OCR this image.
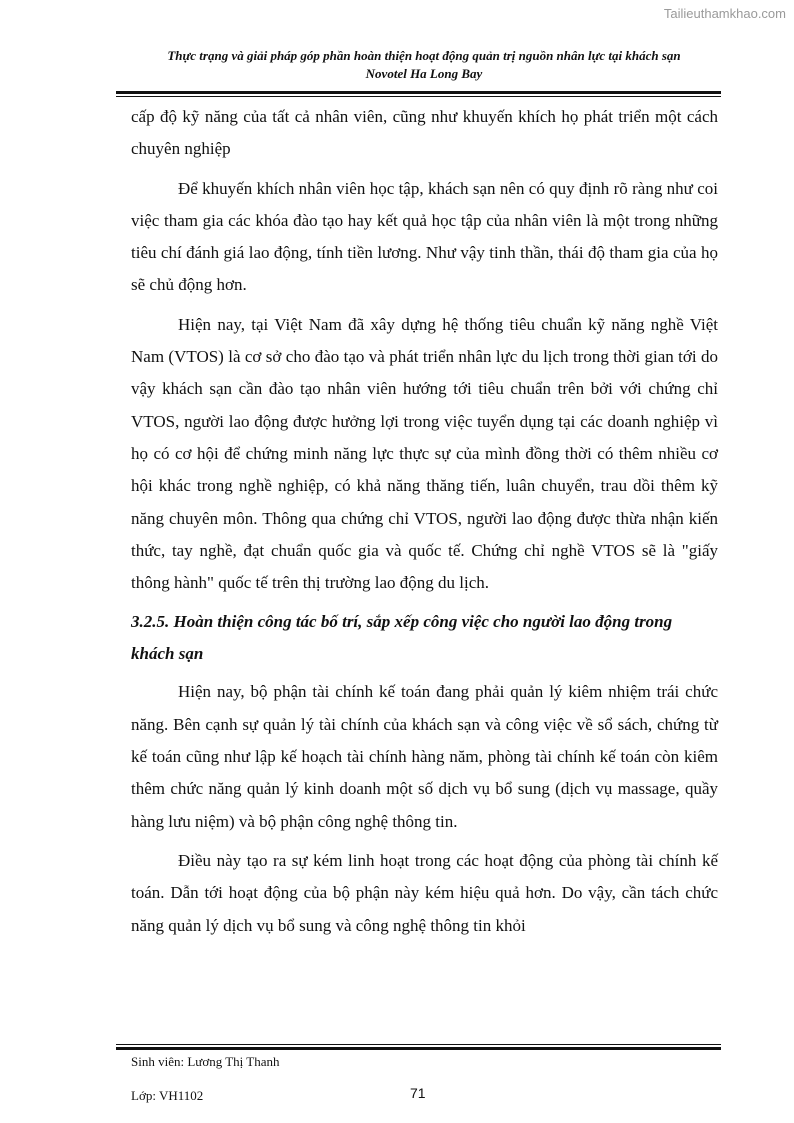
Tailieuthamkhao.com
Thực trạng và giải pháp góp phần hoàn thiện hoạt động quản trị nguồn nhân lực tại khách sạn
Novotel Ha Long Bay

cấp độ kỹ năng của tất cả nhân viên, cũng như khuyến khích họ phát triển một cách chuyên nghiệp

Để khuyến khích nhân viên học tập, khách sạn nên có quy định rõ ràng như coi việc tham gia các khóa đào tạo hay kết quả học tập của nhân viên là một trong những tiêu chí đánh giá lao động, tính tiền lương. Như vậy tinh thần, thái độ tham gia của họ sẽ chủ động hơn.

Hiện nay, tại Việt Nam đã xây dựng hệ thống tiêu chuẩn kỹ năng nghề Việt Nam (VTOS) là cơ sở cho đào tạo và phát triển nhân lực du lịch trong thời gian tới do vậy khách sạn cần đào tạo nhân viên hướng tới tiêu chuẩn trên bởi với chứng chỉ VTOS, người lao động được hưởng lợi trong việc tuyển dụng tại các doanh nghiệp vì họ có cơ hội để chứng minh năng lực thực sự của mình đồng thời có thêm nhiều cơ hội khác trong nghề nghiệp, có khả năng thăng tiến, luân chuyển, trau dồi thêm kỹ năng chuyên môn. Thông qua chứng chỉ VTOS, người lao động được thừa nhận kiến thức, tay nghề, đạt chuẩn quốc gia và quốc tế. Chứng chỉ nghề VTOS sẽ là "giấy thông hành" quốc tế trên thị trường lao động du lịch.

3.2.5. Hoàn thiện công tác bố trí, sắp xếp công việc cho người lao động trong khách sạn

Hiện nay, bộ phận tài chính kế toán đang phải quản lý kiêm nhiệm trái chức năng. Bên cạnh sự quản lý tài chính của khách sạn và công việc về sổ sách, chứng từ kế toán cũng như lập kế hoạch tài chính hàng năm, phòng tài chính kế toán còn kiêm thêm chức năng quản lý kinh doanh một số dịch vụ bổ sung (dịch vụ massage, quầy hàng lưu niệm) và bộ phận công nghệ thông tin.

Điều này tạo ra sự kém linh hoạt trong các hoạt động của phòng tài chính kế toán. Dẫn tới hoạt động của bộ phận này kém hiệu quả hơn. Do vậy, cần tách chức năng quản lý dịch vụ bổ sung và công nghệ thông tin khỏi

Sinh viên: Lương Thị Thanh
Lớp: VH1102	71
